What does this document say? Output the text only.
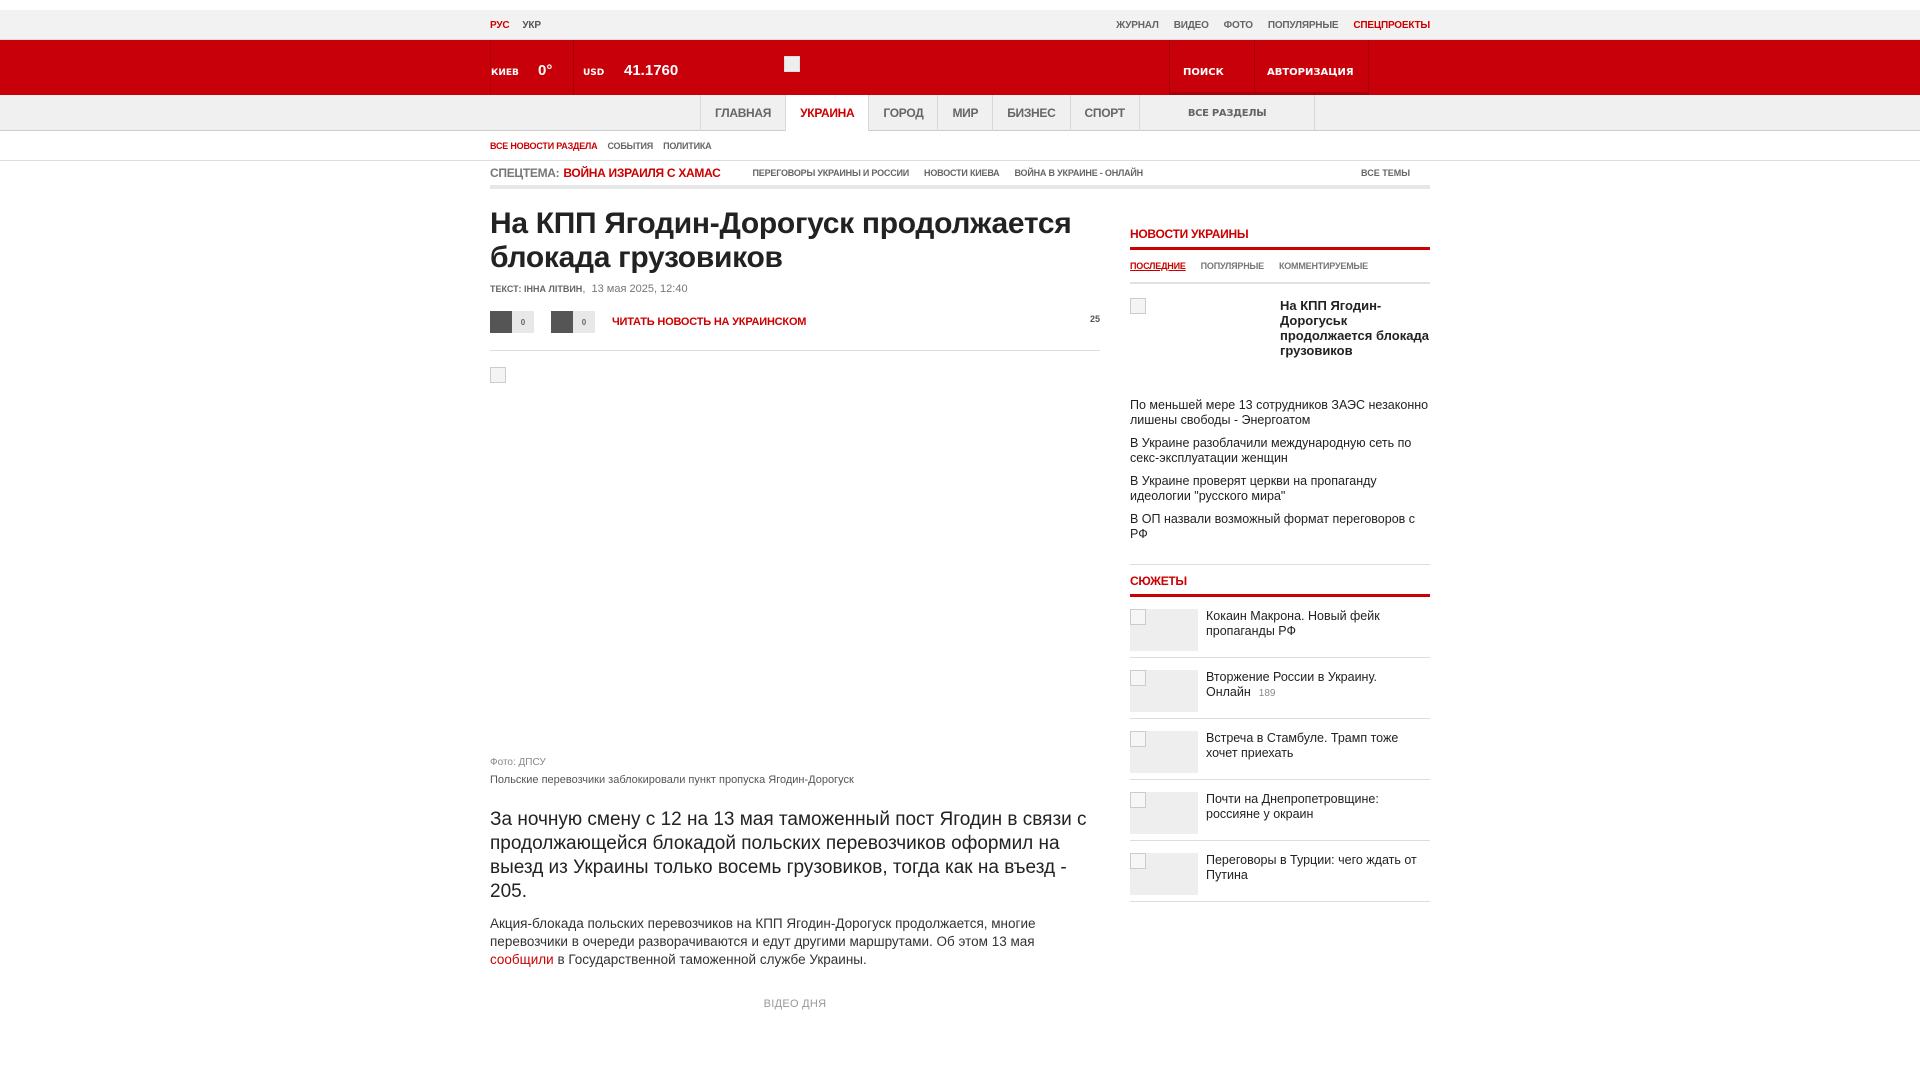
РУС УКР	ЖУРНАЛ ВИДЕО ФОТО ПОПУЛЯРНЫЕ СПЕЦПРОЕКТЫ
КИЕВ	0°	USD	41.1760	ПОИСК	АВТОРИЗАЦИЯ
ГЛАВНАЯ	УКРАИНА	ГОРОД	МИР	БИЗНЕС	СПОРТ	ВСЕ РАЗДЕЛЫ
ВСЕ НОВОСТИ РАЗДЕЛА СОБЫТИЯ ПОЛИТИКА
СПЕЦТЕМА: ВОЙНА ИЗРАИЛЯ С ХАМАС	ПЕРЕГОВОРЫ УКРАИНЫ И РОССИИ НОВОСТИ КИЕВА ВОЙНА В УКРАИНЕ - ОНЛАЙН	ВСЕ ТЕМЫ
На КПП Ягодин-Дорогуск продолжается блокада грузовиков
ТЕКСТ: ІННА ЛІТВИН,  13 мая 2025, 12:40
0	0	ЧИТАТЬ НОВОСТЬ НА УКРАИНСКОМ	25
Фото: ДПСУ
Польские перевозчики заблокировали пункт пропуска Ягодин-Дорогуск

За ночную смену с 12 на 13 мая таможенный пост Ягодин в связи с продолжающейся блокадой польских перевозчиков оформил на выезд из Украины только восемь грузовиков, тогда как на въезд - 205.

Акция-блокада польских перевозчиков на КПП Ягодин-Дорогуск продолжается, многие перевозчики в очереди разворачиваются и едут другими маршрутами. Об этом 13 мая сообщили в Государственной таможенной службе Украины.

ВІДЕО ДНЯ
НОВОСТИ УКРАИНЫ
ПОСЛЕДНИЕ ПОПУЛЯРНЫЕ КОММЕНТИРУЕМЫЕ
На КПП Ягодин-Дорогуськ продолжается блокада грузовиков
По меньшей мере 13 сотрудников ЗАЭС незаконно лишены свободы - Энергоатом
В Украине разоблачили международную сеть по секс-эксплуатации женщин
В Украине проверят церкви на пропаганду идеологии "русского мира"
В ОП назвали возможный формат переговоров с РФ
СЮЖЕТЫ
Кокаин Макрона. Новый фейк пропаганды РФ
Вторжение России в Украину. Онлайн 189
Встреча в Стамбуле. Трамп тоже хочет приехать
Почти на Днепропетровщине: россияне у окраин
Переговоры в Турции: чего ждать от Путина
